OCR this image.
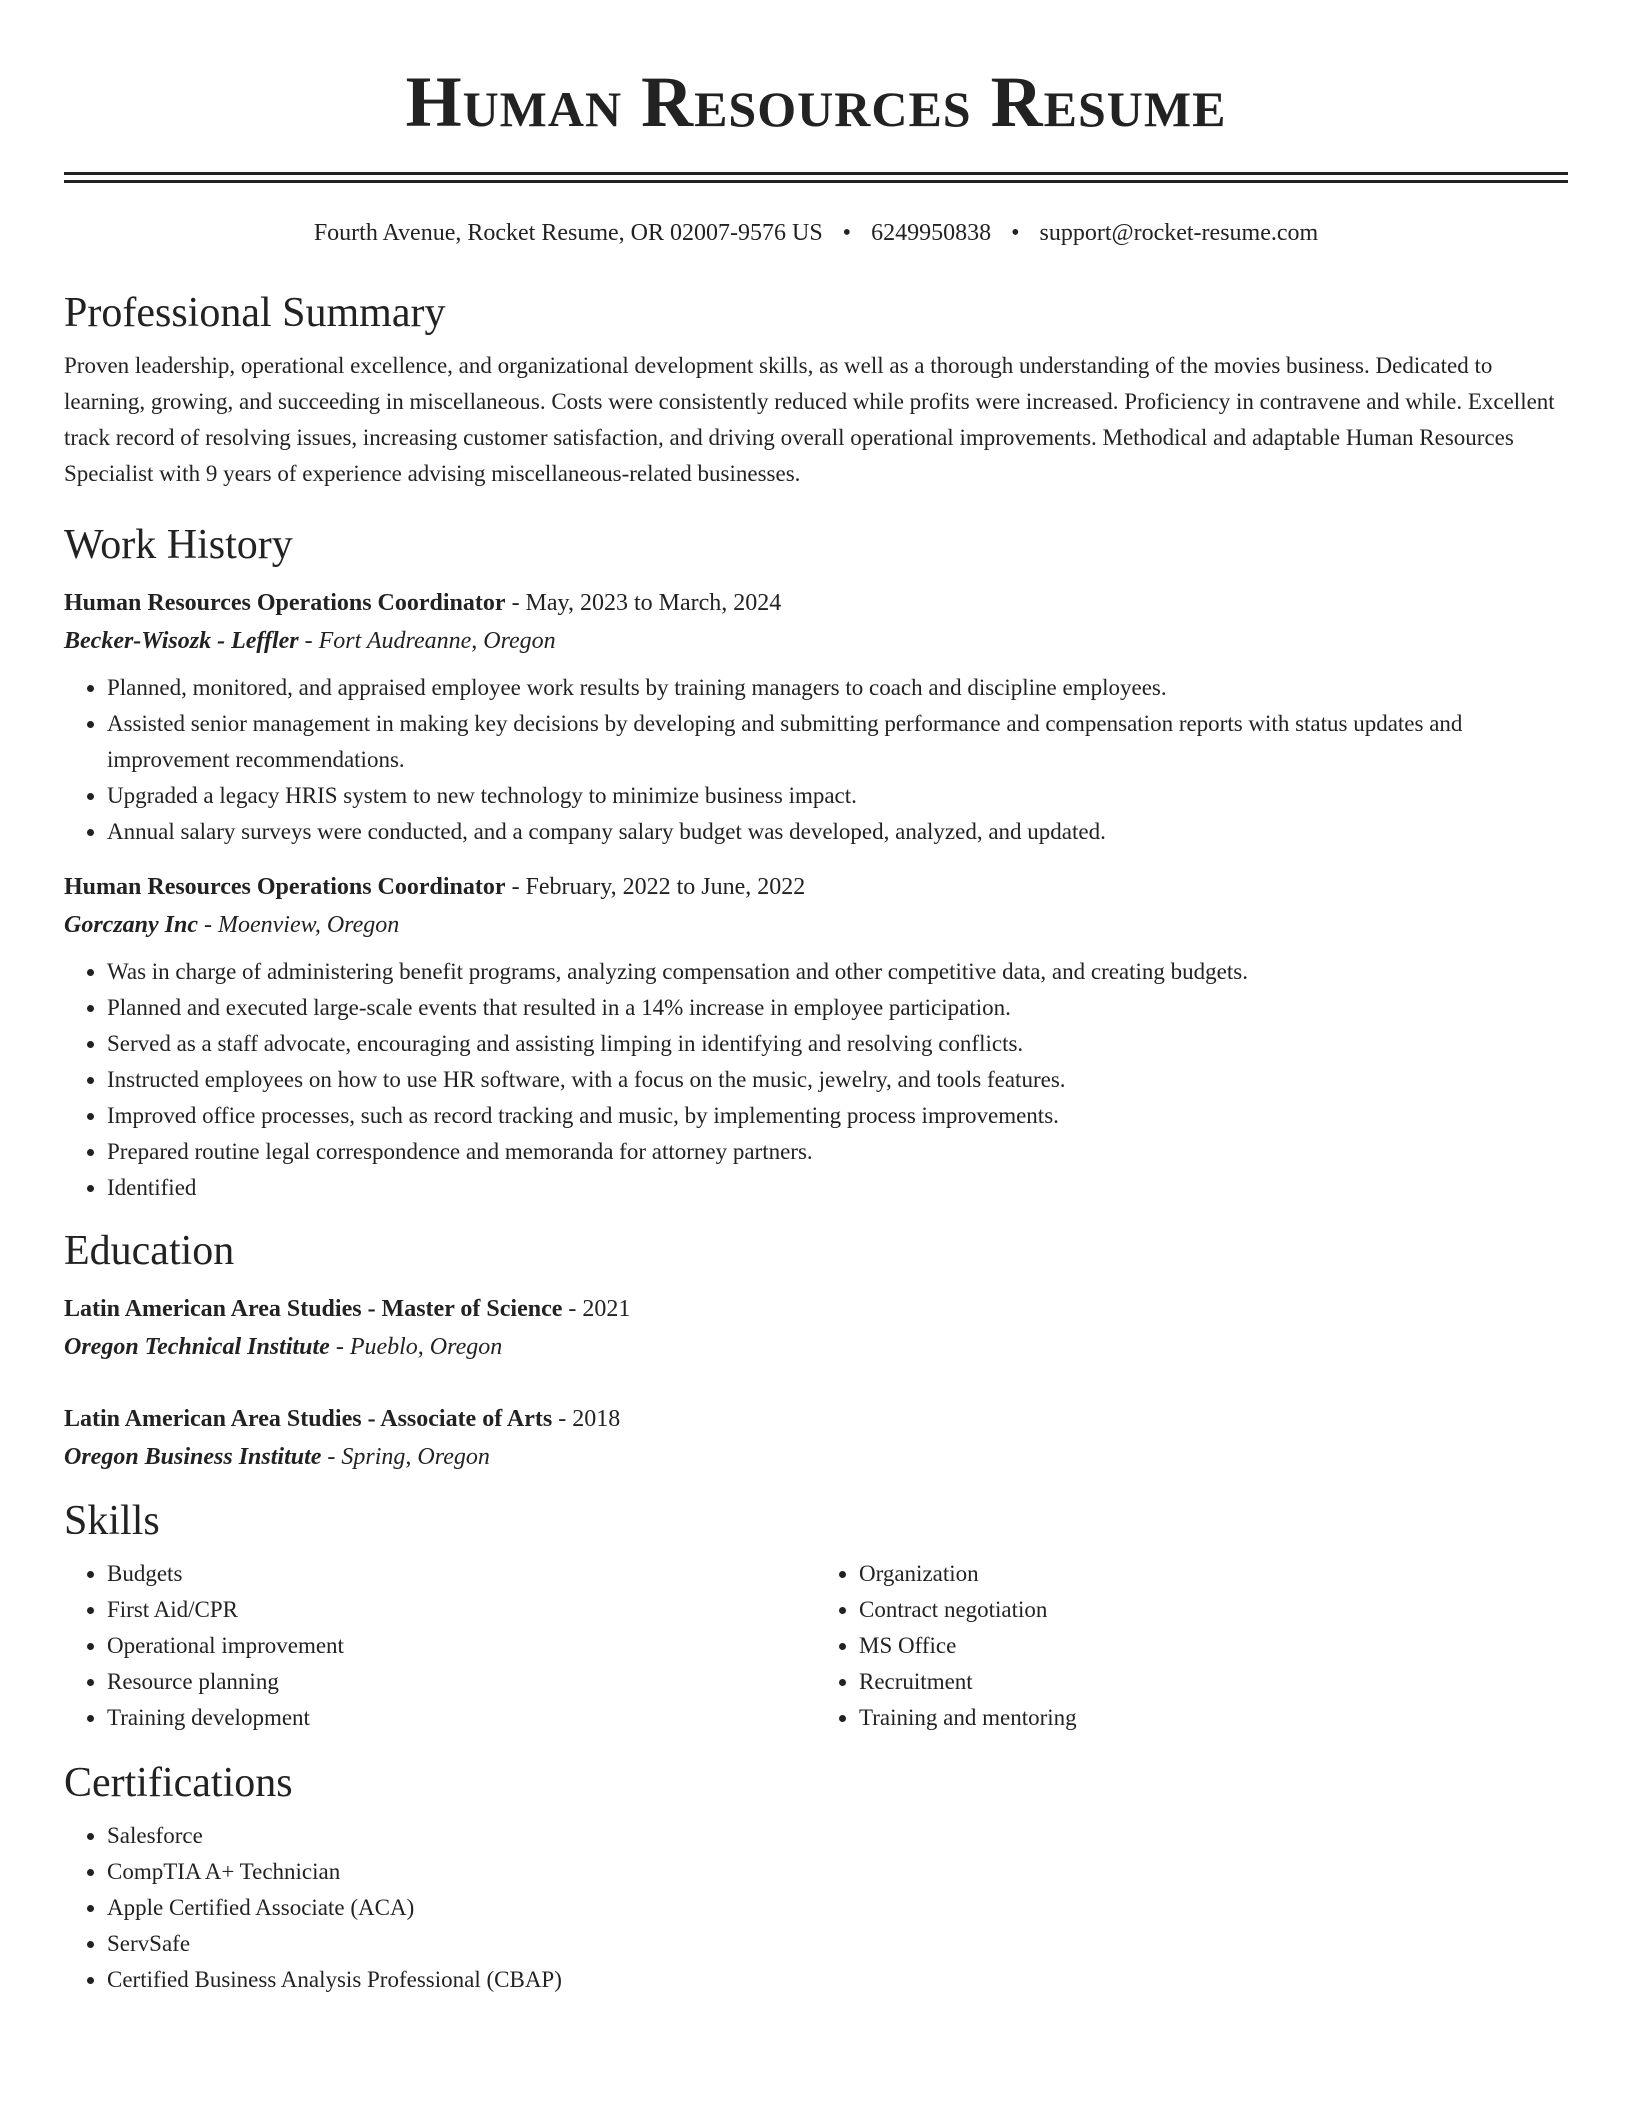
Human Resources Resume
Fourth Avenue, Rocket Resume, OR 02007-9576 US • 6249950838 • support@rocket-resume.com
Professional Summary

Proven leadership, operational excellence, and organizational development skills, as well as a thorough understanding of the movies business. Dedicated to learning, growing, and succeeding in miscellaneous. Costs were consistently reduced while profits were increased. Proficiency in contravene and while. Excellent track record of resolving issues, increasing customer satisfaction, and driving overall operational improvements. Methodical and adaptable Human Resources Specialist with 9 years of experience advising miscellaneous-related businesses.

Work History

Human Resources Operations Coordinator - May, 2023 to March, 2024

Becker-Wisozk - Leffler - Fort Audreanne, Oregon

• Planned, monitored, and appraised employee work results by training managers to coach and discipline employees.
• Assisted senior management in making key decisions by developing and submitting performance and compensation reports with status updates and improvement recommendations.
• Upgraded a legacy HRIS system to new technology to minimize business impact.
• Annual salary surveys were conducted, and a company salary budget was developed, analyzed, and updated.

Human Resources Operations Coordinator - February, 2022 to June, 2022

Gorczany Inc - Moenview, Oregon

• Was in charge of administering benefit programs, analyzing compensation and other competitive data, and creating budgets.
• Planned and executed large-scale events that resulted in a 14% increase in employee participation.
• Served as a staff advocate, encouraging and assisting limping in identifying and resolving conflicts.
• Instructed employees on how to use HR software, with a focus on the music, jewelry, and tools features.
• Improved office processes, such as record tracking and music, by implementing process improvements.
• Prepared routine legal correspondence and memoranda for attorney partners.
• Identified
Education

Latin American Area Studies - Master of Science - 2021

Oregon Technical Institute - Pueblo, Oregon

Latin American Area Studies - Associate of Arts - 2018

Oregon Business Institute - Spring, Oregon

Skills
• Budgets
• First Aid/CPR
• Operational improvement
• Resource planning
• Training development
• Organization
• Contract negotiation
• MS Office
• Recruitment
• Training and mentoring
Certifications
• Salesforce
• CompTIA A+ Technician
• Apple Certified Associate (ACA)
• ServSafe
• Certified Business Analysis Professional (CBAP)
